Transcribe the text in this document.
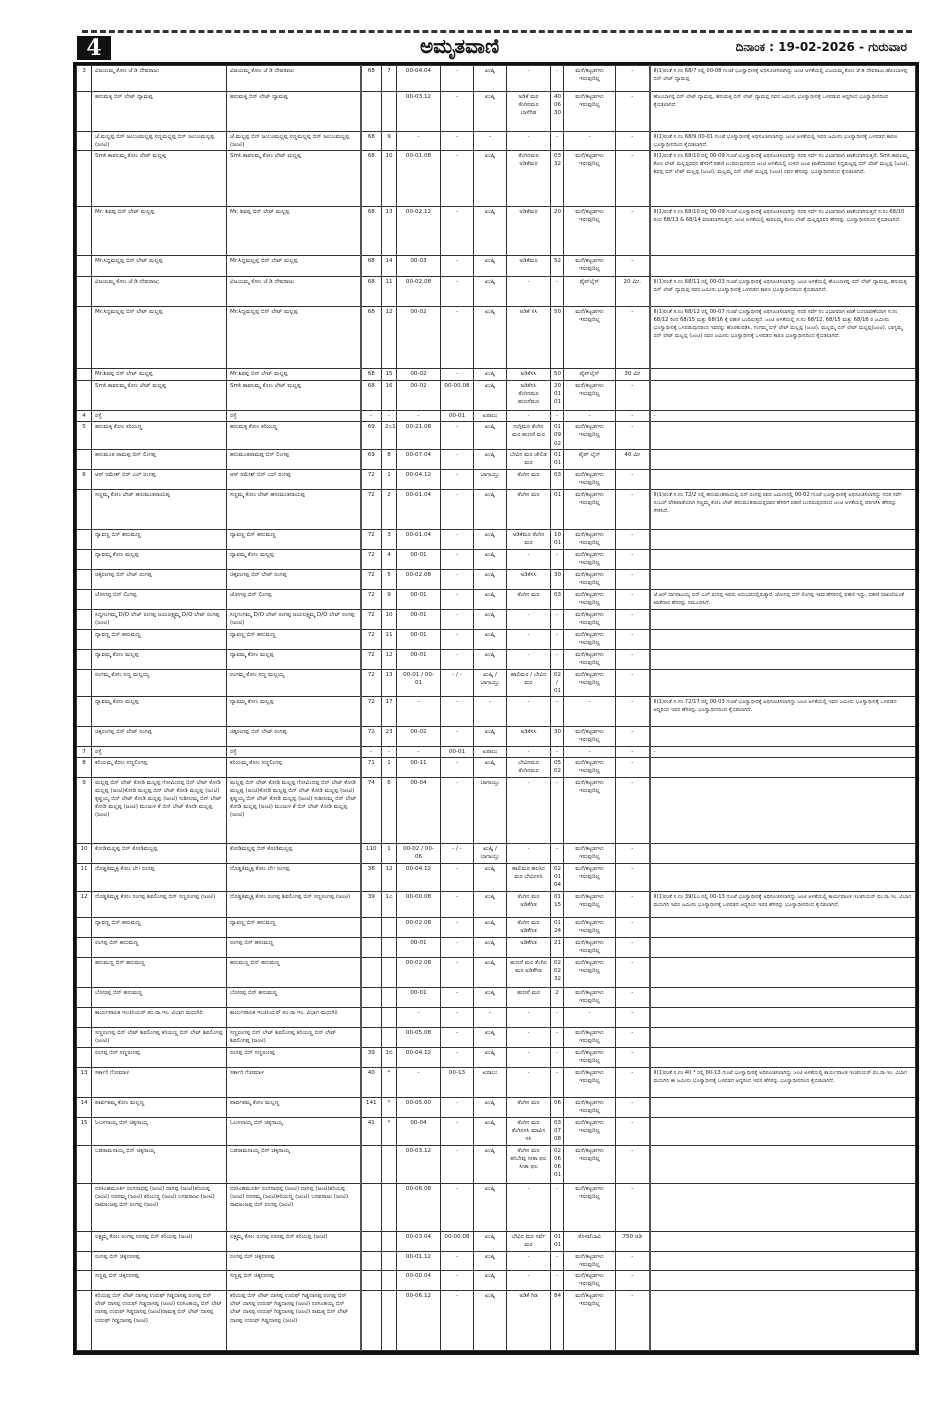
4	ಅಮೃತವಾಣಿ	ದಿನಾಂಕ : 19-02-2026 - ಗುರುವಾರ
3	ವಿಜಯಮ್ಮ ಕೋಂ ಜೆ ಡಿ ದೇವರಾಜು	ವಿಜಯಮ್ಮ ಕೋಂ ಜೆ ಡಿ ದೇವರಾಜು	68	7	00-04.04	-	ಖುಷ್ಕಿ	-	-	ಮನೆ/ಕಟ್ಟಡಗಳು ಇರುವುದಿಲ್ಲ	-	II(1)ರಂತೆ ಸ.ನಂ 68/7 ರಲ್ಲಿ 00-08 ಗುಂಟೆ ಭೂಸ್ವಾಧೀನಕ್ಕೆ ಅಧಿಸೂಚಿಸಲಾಗಿದ್ದು ಜಂಟಿ ಅಳತೆಯಲ್ಲಿ ವಿಜಯಮ್ಮ ಕೋಂ ಜೆ ಡಿ ದೇವರಾಜು,ಹೊಂಬಾಳಪ್ಪ ಬಿನ್ ಲೇಟ್ ದ್ಯಾಮಪ್ಪ
	ಹನುಮಕ್ಕ ಬಿನ್ ಲೇಟ್ ದ್ಯಾಮಪ್ಪ	ಹನುಮಕ್ಕ ಬಿನ್ ಲೇಟ್ ದ್ಯಾಮಪ್ಪ			00-03.12	-	ಖುಷ್ಕಿ	ಅಡಿಕೆ ಮರ ತೆಂಗಿನಮರ ಬಾಳೆಗಿಡ	40 06 30	ಮನೆ/ಕಟ್ಟಡಗಳು ಇರುವುದಿಲ್ಲ	-	ಹೊಂಬಾಳಪ್ಪ ಬಿನ್ ಲೇಟ್ ದ್ಯಾಮಪ್ಪ, ಹನುಮಕ್ಕ ಬಿನ್ ಲೇಟ್ ದ್ಯಾಮಪ್ಪ ರವರ ಜಮೀನು ಭೂಸ್ವಾಧೀನಕ್ಕೆ ಒಳಪಡುವ ಆದ್ದರಿಂದ ಭೂಸ್ವಾಧೀನದಿಂದ ಕೈಬಿಡಲಾಗಿದೆ.
	ಜೆ.ಮಲ್ಲಪ್ಪ ಬಿನ್ ಜಂಬಂಮಲ್ಲಪ್ಪ ಸಣ್ಣಮಲ್ಲಪ್ಪ ಬಿನ್ ಜಂಬಂಮಲ್ಲಪ್ಪ (ಜಂಟಿ)	ಜೆ.ಮಲ್ಲಪ್ಪ ಬಿನ್ ಜಂಬಂಮಲ್ಲಪ್ಪ ಸಣ್ಣಮಲ್ಲಪ್ಪ ಬಿನ್ ಜಂಬಂಮಲ್ಲಪ್ಪ (ಜಂಟಿ)	68	9	-	-	-	-	-	-	-	II(1)ರಂತೆ ಸ.ನಂ 68/9 00-01 ಗುಂಟೆ ಭೂಸ್ವಾಧೀನಕ್ಕೆ ಅಧಿಸೂಚಿಸಲಾಗಿದ್ದು ಜಂಟಿ ಅಳತೆಯಲ್ಲಿ ಇವರ ಜಮೀನು ಭೂಸ್ವಾಧೀನಕ್ಕೆ ಒಳಪಡದ ಕಾರಣ ಭೂಸ್ವಾಧೀನದಿಂದ ಕೈಬಿಡಲಾಗಿದೆ.
	Smt.ಕಾವಲಮ್ಮ ಕೋಂ ಲೇಟ್ ಮಲ್ಲಪ್ಪ	Smt.ಕಾವಲಮ್ಮ ಕೋಂ ಲೇಟ್ ಮಲ್ಲಪ್ಪ	68	10	00-01.08	-	ಖುಷ್ಕಿ	ತೆಂಗಿನಮರ ಅಡಿಕೆಮರ	03 32	ಮನೆ/ಕಟ್ಟಡಗಳು ಇರುವುದಿಲ್ಲ	-	II(1)ರಂತೆ ಸ.ನಂ 68/10 ರಲ್ಲಿ 00-09 ಗುಂಟೆ ಭೂಸ್ವಾಧೀನಕ್ಕೆ ಅಧಿಸೂಚಿಸಲಾಗಿದ್ದು ಸದರಿ ಸರ್ವೆ ನಂ ವಿಭಾಗವಾಗಿ ಖಾತೆಯಾಗಿರುತ್ತದೆ. Smt.ಕಾವಲಮ್ಮ ಕೋಂ ಲೇಟ್ ಮಲ್ಲಪ್ಪರವರ ಹೆಸರಿಗೆ ಪಹಣಿ ಬಂದಿರುವುದರಿಂದ ಜಂಟಿ ಅಳತೆಯಲ್ಲಿ ಉಳಿದ ಜಂಟಿ ಖಾತೆದಾರರಾದ ಸಿದ್ದಮಲ್ಲಪ್ಪ ಬಿನ್ ಲೇಟ್ ಮಲ್ಲಪ್ಪ (ಜಂಟಿ), ಶಿವಪ್ಪ ಬಿನ್ ಲೇಟ್ ಮಲ್ಲಪ್ಪ (ಜಂಟಿ), ಮಲ್ಲಮ್ಮ ಬಿನ್ ಲೇಟ್ ಮಲ್ಲಪ್ಪ (ಜಂಟಿ) ರವರ ಹೆಸರನ್ನು ಭೂಸ್ವಾಧೀನದಿಂದ ಕೈಬಿಡಲಾಗಿದೆ.
	Mr. ಶಿವಪ್ಪ ಬಿನ್ ಲೇಟ್ ಮಲ್ಲಪ್ಪ	Mr. ಶಿವಪ್ಪ ಬಿನ್ ಲೇಟ್ ಮಲ್ಲಪ್ಪ	68	13	00-02.12	-	ಖುಷ್ಕಿ	ಅಡಿಕೆಮರ	20	ಮನೆ/ಕಟ್ಟಡಗಳು ಇರುವುದಿಲ್ಲ	-	II(1)ರಂತೆ ಸ.ನಂ 68/10 ರಲ್ಲಿ 00-09 ಗುಂಟೆ ಭೂಸ್ವಾಧೀನಕ್ಕೆ ಅಧಿಸೂಚಿಸಲಾಗಿದ್ದು ಸದರಿ ಸರ್ವೆ ನಂ ವಿಭಾಗವಾಗಿ ಖಾತೆಯಾಗಿರುತ್ತದೆ ಸ.ನಂ 68/10 ರಿಂದ 68/13 & 68/14 ಮಾಡಲಾಗಿರುತ್ತದೆ. ಜಂಟಿ ಅಳತೆಯಲ್ಲಿ ಕಾವಲಮ್ಮ ಕೋಂ ಲೇಟ್ ಮಲ್ಲಪ್ಪರವರ ಹೆಸರನ್ನು ಭೂಸ್ವಾಧೀನದಿಂದ ಕೈಬಿಡಲಾಗಿದೆ.
	Mr.ಸಿದ್ದಮಲ್ಲಪ್ಪ ಬಿನ್ ಲೇಟ್ ಮಲ್ಲಪ್ಪ	Mr.ಸಿದ್ದಮಲ್ಲಪ್ಪ ಬಿನ್ ಲೇಟ್ ಮಲ್ಲಪ್ಪ	68	14	00-03	-	ಖುಷ್ಕಿ	ಅಡಿಕೆಮರ	52	ಮನೆ/ಕಟ್ಟಡಗಳು ಇರುವುದಿಲ್ಲ	-	
	ವಿಜಯಮ್ಮ ಕೋಂ ಜೆ ಡಿ ದೇವರಾಜು	ವಿಜಯಮ್ಮ ಕೋಂ ಜೆ ಡಿ ದೇವರಾಜು	68	11	00-02.08	-	ಖುಷ್ಕಿ	-	-	ಪೈಪ್‌ಲೈನ್	20 ಮೀ.	II(1)ರಂತೆ ಸ.ನಂ 68/11 ರಲ್ಲಿ 00-03 ಗುಂಟೆ ಭೂಸ್ವಾಧೀನಕ್ಕೆ ಅಧಿಸೂಚಿಸಲಾಗಿದ್ದು ಜಂಟಿ ಅಳತೆಯಲ್ಲಿ ಹೊಂಬಾಳಪ್ಪ ಬಿನ್ ಲೇಟ್ ದ್ಯಾಮಪ್ಪ, ಹನುಮಕ್ಕ ಬಿನ್ ಲೇಟ್ ದ್ಯಾಮಪ್ಪ ರವರ ಜಮೀನು ಭೂಸ್ವಾಧೀನಕ್ಕೆ ಒಳಪಡದ ಕಾರಣ ಭೂಸ್ವಾಧೀನದಿಂದ ಕೈಬಿಡಲಾಗಿದೆ.
	Mr.ಸಿದ್ದಮಲ್ಲಪ್ಪ ಬಿನ್ ಲೇಟ್ ಮಲ್ಲಪ್ಪ	Mr.ಸಿದ್ದಮಲ್ಲಪ್ಪ ಬಿನ್ ಲೇಟ್ ಮಲ್ಲಪ್ಪ	68	12	00-02	-	ಖುಷ್ಕಿ	ಅಡಿಕೆ ಸಸಿ	50	ಮನೆ/ಕಟ್ಟಡಗಳು ಇರುವುದಿಲ್ಲ	-	II(1)ರಂತೆ ಸ.ನಂ 68/12 ರಲ್ಲಿ 00-07 ಗುಂಟೆ ಭೂಸ್ವಾಧೀನಕ್ಕೆ ಅಧಿಸೂಚಿಸಲಾಗಿದ್ದು ಸದರಿ ಸರ್ವೆ ನಂ ವಿಭಾಗವಾಗಿ ಖಾತೆ ಬದಲಾವಣೆಯಾಗಿ ಸ.ನಂ 68/12 ರಿಂದ 68/15 ಮತ್ತು 68/16 ಕ್ಕೆ ಪಹಣಿ ಬಂದಿರುತ್ತದೆ. ಜಂಟಿ ಅಳತೆಯಲ್ಲಿ ಸ.ನಂ 68/12, 68/15 ಮತ್ತು 68/16 ರ ಜಮೀನು ಭೂಸ್ವಾಧೀನಕ್ಕೆ ಒಳಪಡುವುದರಿಂದ ಇವರನ್ನು ಹೊರತುಪಡಿಸಿ, ಗಂಗಮ್ಮ ಬಿನ್ ಲೇಟ್ ಮಲ್ಲಪ್ಪ (ಜಂಟಿ), ಮಲ್ಲಮ್ಮ ಬಿನ್ ಲೇಟ್ ಮಲ್ಲಪ್ಪ(ಜಂಟಿ), ಭಾಗ್ಯಮ್ಮ ಬಿನ್ ಲೇಟ್ ಮಲ್ಲಪ್ಪ (ಜಂಟಿ) ರವರ ಜಮೀನು ಭೂಸ್ವಾಧೀನಕ್ಕೆ ಒಳಪಡದ ಕಾರಣ ಭೂಸ್ವಾಧೀನದಿಂದ ಕೈಬಿಡಲಾಗಿದೆ.
	Mr.ಶಿವಪ್ಪ ಬಿನ್ ಲೇಟ್ ಮಲ್ಲಪ್ಪ	Mr.ಶಿವಪ್ಪ ಬಿನ್ ಲೇಟ್ ಮಲ್ಲಪ್ಪ	68	15	00-02	-	ಖುಷ್ಕಿ	ಅಡಿಕೆಸಸಿ	50	ಪೈಪ್‌ಲೈನ್	30 ಮೀ	
	Smt.ಕಾವಲಮ್ಮ ಕೋಂ ಲೇಟ್ ಮಲ್ಲಪ್ಪ	Smt.ಕಾವಲಮ್ಮ ಕೋಂ ಲೇಟ್ ಮಲ್ಲಪ್ಪ	68	16	00-02	00-00.08	ಖುಷ್ಕಿ	ಅಡಿಕೆಸಸಿ ತೆಂಗಿನಮರ ಹುಣಸೆಮರ	20 01 01	ಮನೆ/ಕಟ್ಟಡಗಳು ಇರುವುದಿಲ್ಲ	-	
4	ರಸ್ತೆ	ರಸ್ತೆ	-	-	-	00-01	ಖರಾಬು	-	-	-	-	-
5	ಹನುಮಕ್ಕ ಕೋಂ ಕರಿಯಣ್ಣ	ಹನುಮಕ್ಕ ಕೋಂ ಕರಿಯಣ್ಣ	69	2ಎ1	00-21.08	-	ಖುಷ್ಕಿ	ಗುಗ್ಗಿಮರ ತೆಂಗಿನ ಮರ ಹುಣಸೆ ಮರ	01 09 02	ಮನೆ/ಕಟ್ಟಡಗಳು ಇರುವುದಿಲ್ಲ	-	
	ಹನುಮಂತ ರಾಮಪ್ಪ ಬಿನ್ ಲಿಂಗಪ್ಪ	ಹನುಮಂತರಾಮಪ್ಪ ಬಿನ್ ಲಿಂಗಪ್ಪ	69	8	00-07.04	-	ಖುಷ್ಕಿ	ಬೇವಿನ ಮರ ಜೇಲಿಡ ಮರ	01 01	ಪೈಪ್ ಲೈನ್	40 ಮೀ	
6	ಆರ್ ರಮೇಶ್ ಬಿನ್ ಎಲ್ ರಂಗಪ್ಪ	ಆರ್ ರಮೇಶ್ ಬಿನ್ ಎಲ್ ರಂಗಪ್ಪ	72	1	00-04.12	-	ಬಾಗಾಯ್ತು	ತೆಂಗಿನ ಮರ	03	ಮನೆ/ಕಟ್ಟಡಗಳು ಇರುವುದಿಲ್ಲ	-	
	ಸಣ್ಣಮ್ಮ ಕೋಂ ಲೇಟ್ ಹನುಮಂತರಾಯಪ್ಪ	ಸಣ್ಣಮ್ಮ ಕೋಂ ಲೇಟ್ ಹನುಮಂತರಾಯಪ್ಪ	72	2	00-01.04	-	ಖುಷ್ಕಿ	ತೆಂಗಿನ ಮರ	01	ಮನೆ/ಕಟ್ಟಡಗಳು ಇರುವುದಿಲ್ಲ	-	II(1)ರಂತೆ ಸ.ನಂ 72/2 ರಲ್ಲಿ ಹನುಮಂತರಾಯಪ್ಪ ಬಿನ್ ರಂಗಪ್ಪ ರವರ ಜಮೀನಿನಲ್ಲಿ 00-02 ಗುಂಟೆ ಭೂಸ್ವಾಧೀನಕ್ಕೆ ಅಧಿಸೂಚಿಸಲಾಗಿದ್ದು ಸದರಿ ಸರ್ವೆ ನಂಬರ್ ಪೌತಿಖಾತೆಯಾಗಿ ಸಣ್ಣಮ್ಮ ಕೋಂ ಲೇಟ್ ಹನುಮಂತರಾಯಪ್ಪರವರ ಹೆಸರಿಗೆ ಪಹಣಿ ಬಂದಿರುವುದರಿಂದ ಜಂಟಿ ಅಳತೆಯಲ್ಲಿ ಪರಿಗಣಿಸಿ ಹೆಸರನ್ನು ಸೇರಿಸಿದೆ.
	ದ್ಯಾವಣ್ಣ ಬಿನ್ ಹನುಮಣ್ಣ	ದ್ಯಾವಣ್ಣ ಬಿನ್ ಹನುಮಣ್ಣ	72	3	00-01.04	-	ಖುಷ್ಕಿ	ಅಡಿಕೆಮರ ತೆಂಗಿನ ಮರ	10 01	ಮನೆ/ಕಟ್ಟಡಗಳು ಇರುವುದಿಲ್ಲ	-	
	ದ್ಯಾವಮ್ಮ ಕೋಂ ಮಲ್ಲಪ್ಪ	ದ್ಯಾವಮ್ಮ ಕೋಂ ಮಲ್ಲಪ್ಪ	72	4	00-01	-	ಖುಷ್ಕಿ	-	-	ಮನೆ/ಕಟ್ಟಡಗಳು ಇರುವುದಿಲ್ಲ	-	
	ಚಿಕ್ಕರಂಗಪ್ಪ ಬಿನ್ ಲೇಟ್ ರಂಗಪ್ಪ	ಚಿಕ್ಕರಂಗಪ್ಪ ಬಿನ್ ಲೇಟ್ ರಂಗಪ್ಪ	72	5	00-02.08	-	ಖುಷ್ಕಿ	ಅಡಿಕೆಸಸಿ	30	ಮನೆ/ಕಟ್ಟಡಗಳು ಇರುವುದಿಲ್ಲ	-	
	ಜೋಗಪ್ಪ ಬಿನ್ ಲಿಂಗಪ್ಪ	ಜೋಗಪ್ಪ ಬಿನ್ ಲಿಂಗಪ್ಪ	72	9	00-01	-	ಖುಷ್ಕಿ	ತೆಂಗಿನ ಮರ	03	ಮನೆ/ಕಟ್ಟಡಗಳು ಇರುವುದಿಲ್ಲ	-	ಜೆ.ಆರ್.ನಾಗರಾಜಯ್ಯ ಬಿನ್ ಎಲ್.ರಂಗಪ್ಪ ಇವರು ಅನುಭವದಲ್ಲಿರುತ್ತಾರೆ. ಜೋಗಪ್ಪ ಬಿನ್ ಲಿಂಗಪ್ಪ ಇವರ ಹೆಸರಿನಲ್ಲಿ ಪಹಣಿ ಇದ್ದು, ಪಹಣಿ ದಾಖಲೆಯಂತೆ ಖಾತೆದಾರ ಹೆಸರನ್ನು ನಮೂದಿಸಿದೆ.
	ಸಿದ್ದಗಂಗಮ್ಮ D/O ಲೇಟ್ ರಂಗಪ್ಪ ಜಯಲಕ್ಷ್ಮಮ್ಮ D/O ಲೇಟ್ ರಂಗಪ್ಪ (ಜಂಟಿ)	ಸಿದ್ದಗಂಗಮ್ಮ D/O ಲೇಟ್ ರಂಗಪ್ಪ ಜಯಲಕ್ಷ್ಮಮ್ಮ D/O ಲೇಟ್ ರಂಗಪ್ಪ (ಜಂಟಿ)	72	10	00-01	-	ಖುಷ್ಕಿ	-	-	ಮನೆ/ಕಟ್ಟಡಗಳು ಇರುವುದಿಲ್ಲ	-	
	ದ್ಯಾವಣ್ಣ ಬಿನ್ ಹನುಮಣ್ಣ	ದ್ಯಾವಣ್ಣ ಬಿನ್ ಹನುಮಣ್ಣ	72	11	00-01	-	ಖುಷ್ಕಿ	-	-	ಮನೆ/ಕಟ್ಟಡಗಳು ಇರುವುದಿಲ್ಲ	-	
	ದ್ಯಾವಮ್ಮ ಕೋಂ ಮಲ್ಲಪ್ಪ	ದ್ಯಾವಮ್ಮ ಕೋಂ ಮಲ್ಲಪ್ಪ	72	12	00-01	-	ಖುಷ್ಕಿ	-	-	ಮನೆ/ಕಟ್ಟಡಗಳು ಇರುವುದಿಲ್ಲ	-	
	ರಂಗಮ್ಮ ಕೋಂ ಸಣ್ಣ ಮಲ್ಲಯ್ಯ	ರಂಗಮ್ಮ ಕೋಂ ಸಣ್ಣ ಮಲ್ಲಯ್ಯ	72	13	00-01 / 00-01	- / -	ಖುಷ್ಕಿ / ಬಾಗಾಯ್ತು	ಹಾಲಿಮರ / ಬೇವಿನ ಮರ	02 / 01	ಮನೆ/ಕಟ್ಟಡಗಳು ಇರುವುದಿಲ್ಲ	-	
	ದ್ಯಾವಮ್ಮ ಕೋಂ ಮಲ್ಲಪ್ಪ	ದ್ಯಾವಮ್ಮ ಕೋಂ ಮಲ್ಲಪ್ಪ	72	17	-	-	-	-	-	-	-	II(1)ರಂತೆ ಸ.ನಂ 72/17 ರಲ್ಲಿ 00-03 ಗುಂಟೆ ಭೂಸ್ವಾಧೀನಕ್ಕೆ ಅಧಿಸೂಚಿಸಲಾಗಿದ್ದು ಜಂಟಿ ಅಳತೆಯಲ್ಲಿ ಇವರ ಜಮೀನು ಭೂಸ್ವಾಧೀನಕ್ಕೆ ಒಳಪಡದ ಆದ್ದರಿಂದ ಇವರ ಹೆಸರನ್ನು ಭೂಸ್ವಾಧೀನದಿಂದ ಕೈಬಿಡಲಾಗಿದೆ.
	ಚಿಕ್ಕರಂಗಪ್ಪ ಬಿನ್ ಲೇಟ್ ರಂಗಪ್ಪ	ಚಿಕ್ಕರಂಗಪ್ಪ ಬಿನ್ ಲೇಟ್ ರಂಗಪ್ಪ	72	23	00-02	-	ಖುಷ್ಕಿ	ಅಡಿಕೆಸಸಿ	30	ಮನೆ/ಕಟ್ಟಡಗಳು ಇರುವುದಿಲ್ಲ	-	
7	ರಸ್ತೆ	ರಸ್ತೆ	-	-	-	00-01	ಖರಾಬು	-	-	-	-	-
8	ಕರಿಯಮ್ಮ ಕೋಂ ಸಣ್ಣಲಿಂಗಪ್ಪ	ಕರಿಯಮ್ಮ ಕೋಂ ಸಣ್ಣಲಿಂಗಪ್ಪ	71	1	00-11	-	ಖುಷ್ಕಿ	ಬೇವಿನಮರ ತೆಂಗಿನಮರ	05 02	ಮನೆ/ಕಟ್ಟಡಗಳು ಇರುವುದಿಲ್ಲ	-	
9	ಮಲ್ಲಪ್ಪ ಬಿನ್ ಲೇಟ್ ಕೋಡಿ ಮಲ್ಲಪ್ಪ ಗೋವಿಂದಪ್ಪ ಬಿನ್ ಲೇಟ್ ಕೋಡಿ ಮಲ್ಲಪ್ಪ (ಜಂಟಿ)ಕೋಡಿ ಮಲ್ಲಪ್ಪ ಬಿನ್ ಲೇಟ್ ಕೋಡಿ ಮಲ್ಲಪ್ಪ (ಜಂಟಿ) ಕೃಷ್ಣಯ್ಯ ಬಿನ್ ಲೇಟ್ ಕೋಡಿ ಮಲ್ಲಪ್ಪ (ಜಂಟಿ) ಸುಶೀಲಮ್ಮ ಬಿನ್ ಲೇಟ್ ಕೋಡಿ ಮಲ್ಲಪ್ಪ (ಜಂಟಿ) ಮಂಜುಳ ಕೆ ಬಿನ್ ಲೇಟ್ ಕೋಡಿ ಮಲ್ಲಪ್ಪ (ಜಂಟಿ)	ಮಲ್ಲಪ್ಪ ಬಿನ್ ಲೇಟ್ ಕೋಡಿ ಮಲ್ಲಪ್ಪ ಗೋವಿಂದಪ್ಪ ಬಿನ್ ಲೇಟ್ ಕೋಡಿ ಮಲ್ಲಪ್ಪ (ಜಂಟಿ)ಕೋಡಿ ಮಲ್ಲಪ್ಪ ಬಿನ್ ಲೇಟ್ ಕೋಡಿ ಮಲ್ಲಪ್ಪ (ಜಂಟಿ) ಕೃಷ್ಣಯ್ಯ ಬಿನ್ ಲೇಟ್ ಕೋಡಿ ಮಲ್ಲಪ್ಪ (ಜಂಟಿ) ಸುಶೀಲಮ್ಮ ಬಿನ್ ಲೇಟ್ ಕೋಡಿ ಮಲ್ಲಪ್ಪ (ಜಂಟಿ) ಮಂಜುಳ ಕೆ ಬಿನ್ ಲೇಟ್ ಕೋಡಿ ಮಲ್ಲಪ್ಪ (ಜಂಟಿ)	74	6	00-04	-	ಬಾಗಾಯ್ತು	-	-	ಮನೆ/ಕಟ್ಟಡಗಳು ಇರುವುದಿಲ್ಲ	-	
10	ಕೋಡಿಮಲ್ಲಪ್ಪ ಬಿನ್ ಕೋಡಿಮಲ್ಲಪ್ಪ	ಕೋಡಿಮಲ್ಲಪ್ಪ ಬಿನ್ ಕೋಡಿಮಲ್ಲಪ್ಪ	110	1	00-02 / 00-06	- / -	ಖುಷ್ಕಿ / ಬಾಗಾಯ್ತು	-	-	ಮನೆ/ಕಟ್ಟಡಗಳು ಇರುವುದಿಲ್ಲ	-	
11	ದೊಡ್ಡತಿಮ್ಮಕ್ಕ ಕೋಂ ಲೇ। ರಂಗಪ್ಪ	ದೊಡ್ಡತಿಮ್ಮಕ್ಕ ಕೋಂ ಲೇ। ರಂಗಪ್ಪ	38	12	00-04.12	-	ಖುಷ್ಕಿ	ಹಾಲಿಮರ ಹಲಸಿನ ಮರ ಬೇವಿನಸಸಿ	02 01 04	ಮನೆ/ಕಟ್ಟಡಗಳು ಇರುವುದಿಲ್ಲ	-	
12	ದೊಡ್ಡತಿಮ್ಮಕ್ಕ ಕೋಂ ರಂಗಪ್ಪ ಶಿವಲಿಂಗಪ್ಪ ಬಿನ್ ಸಣ್ಣರಂಗಪ್ಪ (ಜಂಟಿ)	ದೊಡ್ಡತಿಮ್ಮಕ್ಕ ಕೋಂ ರಂಗಪ್ಪ ಶಿವಲಿಂಗಪ್ಪ ಬಿನ್ ಸಣ್ಣರಂಗಪ್ಪ (ಜಂಟಿ)	39	1ಎ	00-00.08	-	ಖುಷ್ಕಿ	ತೆಂಗಿನ ಮರ ಅಡಿಕೆಗಿಡ	01 15	ಮನೆ/ಕಟ್ಟಡಗಳು ಇರುವುದಿಲ್ಲ	-	II(1)ರಂತೆ ಸ.ನಂ 39/1ಎ ರಲ್ಲಿ 00-13 ಗುಂಟೆ ಭೂಸ್ವಾಧೀನಕ್ಕೆ ಅಧಿಸೂಚಿಸಲಾಗಿದ್ದು ಜಂಟಿ ಅಳತೆಯಲ್ಲಿ ಕಾರ್ಯಪಾಲಕ ಇಂಜಿನಿಯರ್ ಪಂ.ರಾ.ಇಂ. ವಿಭಾಗ ಮಧುಗಿರಿ ಇವರ ಜಮೀನು ಭೂಸ್ವಾಧೀನಕ್ಕೆ ಒಳಪಡದ ಆದ್ದರಿಂದ ಇವರ ಹೆಸರನ್ನು ಭೂಸ್ವಾಧೀನದಿಂದ ಕೈಬಿಡಲಾಗಿದೆ.
	ದ್ಯಾವಣ್ಣ ಬಿನ್ ಹನುಮಣ್ಣ	ದ್ಯಾವಣ್ಣ ಬಿನ್ ಹನುಮಣ್ಣ			00-02.08	-	ಖುಷ್ಕಿ	ತೆಂಗಿನ ಮರ ಅಡಿಕೆಗಿಡ	01 24	ಮನೆ/ಕಟ್ಟಡಗಳು ಇರುವುದಿಲ್ಲ	-	
	ರಂಗಪ್ಪ ಬಿನ್ ಹನುಮಣ್ಣ	ರಂಗಪ್ಪ ಬಿನ್ ಹನುಮಣ್ಣ			00-01	-	ಖುಷ್ಕಿ	ಅಡಿಕೆಗಿಡ	21	ಮನೆ/ಕಟ್ಟಡಗಳು ಇರುವುದಿಲ್ಲ	-	
	ಹನುಮಣ್ಣ ಬಿನ್ ಹನುಮಣ್ಣ	ಹನುಮಣ್ಣ ಬಿನ್ ಹನುಮಣ್ಣ			00-02.08	-	ಖುಷ್ಕಿ	ಹುಣಸೆ ಮರ ತೆಂಗಿನ ಮರ ಅಡಿಕೆಗಿಡ	02 02 32	ಮನೆ/ಕಟ್ಟಡಗಳು ಇರುವುದಿಲ್ಲ	-	
	ಬೋರಪ್ಪ ಬಿನ್ ಹನುಮಣ್ಣ	ಬೋರಪ್ಪ ಬಿನ್ ಹನುಮಣ್ಣ			00-01	-	ಖುಷ್ಕಿ	ಹುಣಸೆ ಮರ	2	ಮನೆ/ಕಟ್ಟಡಗಳು ಇರುವುದಿಲ್ಲ	-	
	ಕಾರ್ಯಪಾಲಕ ಇಂಜಿನಿಯರ್ ಪಂ.ರಾ.ಇಂ. ವಿಭಾಗ ಮಧುಗಿರಿ	ಕಾರ್ಯಪಾಲಕ ಇಂಜಿನಿಯರ್ ಪಂ.ರಾ.ಇಂ. ವಿಭಾಗ ಮಧುಗಿರಿ			-	-	-	-	-	-	-	
	ಸಣ್ಣರಂಗಪ್ಪ ಬಿನ್ ಲೇಟ್ ಶಿವಲಿಂಗಪ್ಪ ಕರಿಯಣ್ಣ ಬಿನ್ ಲೇಟ್ ಶಿವಲಿಂಗಪ್ಪ (ಜಂಟಿ)	ಸಣ್ಣರಂಗಪ್ಪ ಬಿನ್ ಲೇಟ್ ಶಿವಲಿಂಗಪ್ಪ ಕರಿಯಣ್ಣ ಬಿನ್ ಲೇಟ್ ಶಿವಲಿಂಗಪ್ಪ (ಜಂಟಿ)			00-05.08	-	ಖುಷ್ಕಿ	-	-	ಮನೆ/ಕಟ್ಟಡಗಳು ಇರುವುದಿಲ್ಲ	-	
	ರಂಗಪ್ಪ ಬಿನ್ ಸಣ್ಣರಂಗಪ್ಪ	ರಂಗಪ್ಪ ಬಿನ್ ಸಣ್ಣರಂಗಪ್ಪ	39	1ಬಿ	00-04.12	-	ಖುಷ್ಕಿ	-	-	ಮನೆ/ಕಟ್ಟಡಗಳು ಇರುವುದಿಲ್ಲ	-	
13	ಸರ್ಕಾರಿ ಗೋಮಾಳ	ಸರ್ಕಾರಿ ಗೋಮಾಳ	40	*	-	00-13	ಖರಾಬು	-	-	ಮನೆ/ಕಟ್ಟಡಗಳು ಇರುವುದಿಲ್ಲ	-	II(1)ರಂತೆ ಸ.ನಂ 40 * ರಲ್ಲಿ 00-13 ಗುಂಟೆ ಭೂಸ್ವಾಧೀನಕ್ಕೆ ಅಧಿಸೂಚಿಸಲಾಗಿದ್ದು ಜಂಟಿ ಅಳತೆಯಲ್ಲಿ ಕಾರ್ಯಪಾಲಕ ಇಂಜಿನಿಯರ್ ಪಂ.ರಾ.ಇಂ. ವಿಭಾಗ ಮಧುಗಿರಿ ಈ ಜಮೀನು ಭೂಸ್ವಾಧೀನಕ್ಕೆ ಒಳಪಡದ ಆದ್ದರಿಂದ ಇವರ ಹೆಸರನ್ನು ಭೂಸ್ವಾಧೀನದಿಂದ ಕೈಬಿಡಲಾಗಿದೆ.
14	ಪಾರ್ವತಮ್ಮ ಕೋಂ ಮಲ್ಲಣ್ಣ	ಪಾರ್ವತಮ್ಮ ಕೋಂ ಮಲ್ಲಣ್ಣ	141	*	00-05.00	-	ಖುಷ್ಕಿ	ತೆಂಗಿನ ಮರ	06	ಮನೆ/ಕಟ್ಟಡಗಳು ಇರುವುದಿಲ್ಲ	-	
15	ಓಬಳನಾಯ್ಕ ಬಿನ್ ಚಿಕ್ಕನಾಯ್ಕ	ಓಬಳನಾಯ್ಕ ಬಿನ್ ಚಿಕ್ಕನಾಯ್ಕ	41	*	00-04	-	ಖುಷ್ಕಿ	ತೆಂಗಿನ ಮರ ತೆಂಗಿನಸಸಿ ಮಾವಿನ ಸಸಿ	03 07 08	ಮನೆ/ಕಟ್ಟಡಗಳು ಇರುವುದಿಲ್ಲ	-	
	ಬಡರಾಮನಾಯ್ಕ ಬಿನ್ ಚಿಕ್ಕನಾಯ್ಕ	ಬಡರಾಮನಾಯ್ಕ ಬಿನ್ ಚಿಕ್ಕನಾಯ್ಕ			00-03.12	-	ಖುಷ್ಕಿ	ತೆಂಗಿನ ಮರ ಕರಿಬೇವು ಸೀತಾ ಫಲ ಸೀತಾ ಫಲ	02 06 06 01	ಮನೆ/ಕಟ್ಟಡಗಳು ಇರುವುದಿಲ್ಲ	-	
	ನರಸಿಂಹಮೂರ್ತಿ ರಂಗನಾಥಪ್ಪ (ಜಂಟಿ) ದಾಸಪ್ಪ (ಜಂಟಿ)ಕರಿಯಪ್ಪ (ಜಂಟಿ) ನರಸಮ್ಮ (ಜಂಟಿ) ಕರಿಯಣ್ಣ (ಜಂಟಿ) ಬಸವರಾಜು (ಜಂಟಿ) ರಾಮಾಂಜಪ್ಪ ಬಿನ್ ರಂಗಪ್ಪ (ಜಂಟಿ)	ನರಸಿಂಹಮೂರ್ತಿ ರಂಗನಾಥಪ್ಪ (ಜಂಟಿ) ದಾಸಪ್ಪ (ಜಂಟಿ)ಕರಿಯಪ್ಪ (ಜಂಟಿ) ನರಸಮ್ಮ (ಜಂಟಿ)ಕರಿಯಣ್ಣ (ಜಂಟಿ) ಬಸವರಾಜು (ಜಂಟಿ) ರಾಮಾಂಜಪ್ಪ ಬಿನ್ ರಂಗಪ್ಪ (ಜಂಟಿ)			00-06.08	-	ಖುಷ್ಕಿ	-	-	ಮನೆ/ಕಟ್ಟಡಗಳು ಇರುವುದಿಲ್ಲ	-	
	ಲಕ್ಷ್ಮಮ್ಮ ಕೋಂ ರಂಗಪ್ಪ ನರಸಪ್ಪ ಬಿನ್ ಕರಿಯಪ್ಪ (ಜಂಟಿ)	ಲಕ್ಷ್ಮಮ್ಮ ಕೋಂ ರಂಗಪ್ಪ ನರಸಪ್ಪ ಬಿನ್ ಕರಿಯಪ್ಪ (ಜಂಟಿ)			00-03.04	00-00.08	ಖುಷ್ಕಿ	ಬೇವಿನ ಮರ ಸರ್ವೆ ಮರ	01 01	ಕೊಳವೆಬಾವಿ	750 ಅಡಿ	
	ರಂಗಪ್ಪ ಬಿನ್ ಚಿಕ್ಕನರಸಪ್ಪ	ರಂಗಪ್ಪ ಬಿನ್ ಚಿಕ್ಕನರಸಪ್ಪ			00-01.12	-	ಖುಷ್ಕಿ	-	-	ಮನೆ/ಕಟ್ಟಡಗಳು ಇರುವುದಿಲ್ಲ	-	
	ಸಣ್ಣಪ್ಪ ಬಿನ್ ಚಿಕ್ಕನರಸಪ್ಪ	ಸಣ್ಣಪ್ಪ ಬಿನ್ ಚಿಕ್ಕನರಸಪ್ಪ			00-00.04	-	ಖುಷ್ಕಿ	-	-	ಮನೆ/ಕಟ್ಟಡಗಳು ಇರುವುದಿಲ್ಲ	-	
	ಕರಿಯಪ್ಪ ಬಿನ್ ಲೇಟ್ ದಾಸಪ್ಪ ಉರುಫ್ ಗಿಡ್ಡದಾಸಪ್ಪ ರಂಗಪ್ಪ ಬಿನ್ ಲೇಟ್ ದಾಸಪ್ಪ ಉರುಫ್ ಗಿಡ್ಡದಾಸಪ್ಪ (ಜಂಟಿ) ನರಸಿಂಹಯ್ಯ ಬಿನ್ ಲೇಟ್ ದಾಸಪ್ಪ ಉರುಫ್ ಗಿಡ್ಡದಾಸಪ್ಪ (ಜಂಟಿ)ರಾಮಕ್ಕ ಬಿನ್ ಲೇಟ್ ದಾಸಪ್ಪ ಉರುಫ್ ಗಿಡ್ಡದಾಸಪ್ಪ (ಜಂಟಿ)	ಕರಿಯಪ್ಪ ಬಿನ್ ಲೇಟ್ ದಾಸಪ್ಪ ಉರುಫ್ ಗಿಡ್ಡದಾಸಪ್ಪ ರಂಗಪ್ಪ ಬಿನ್ ಲೇಟ್ ದಾಸಪ್ಪ ಉರುಫ್ ಗಿಡ್ಡದಾಸಪ್ಪ (ಜಂಟಿ) ನರಸಿಂಹಯ್ಯ ಬಿನ್ ಲೇಟ್ ದಾಸಪ್ಪ ಉರುಫ್ ಗಿಡ್ಡದಾಸಪ್ಪ (ಜಂಟಿ) ರಾಮಕ್ಕ ಬಿನ್ ಲೇಟ್ ದಾಸಪ್ಪ ಉರುಫ್ ಗಿಡ್ಡದಾಸಪ್ಪ (ಜಂಟಿ)			00-06.12	-	ಖುಷ್ಕಿ	ಅಡಿಕೆ ಗಿಡ	84	ಮನೆ/ಕಟ್ಟಡಗಳು ಇರುವುದಿಲ್ಲ	-	
